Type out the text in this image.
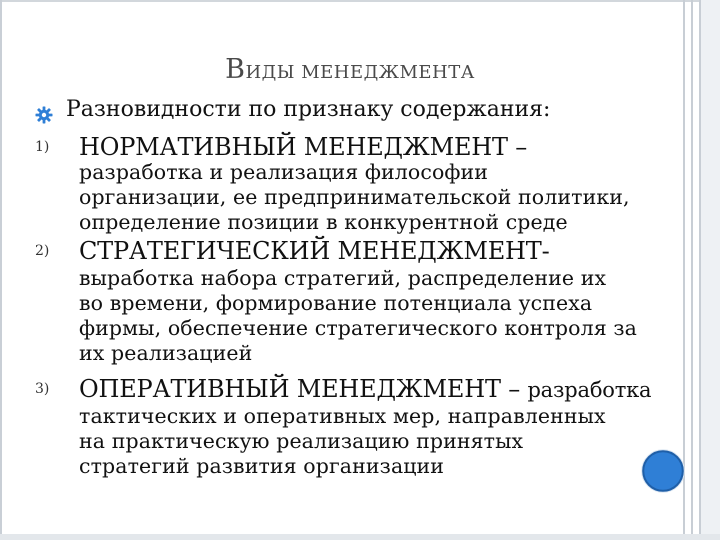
ВИДЫ МЕНЕДЖМЕНТА
Разновидности по признаку содержания:
1) НОРМАТИВНЫЙ МЕНЕДЖМЕНТ –
разработка и реализация философии
организации, ее предпринимательской политики,
определение позиции в конкурентной среде
2) СТРАТЕГИЧЕСКИЙ МЕНЕДЖМЕНТ-
выработка набора стратегий, распределение их
во времени, формирование потенциала успеха
фирмы, обеспечение стратегического контроля за
их реализацией
3) ОПЕРАТИВНЫЙ МЕНЕДЖМЕНТ – разработка
тактических и оперативных мер, направленных
на практическую реализацию принятых
стратегий развития организации
